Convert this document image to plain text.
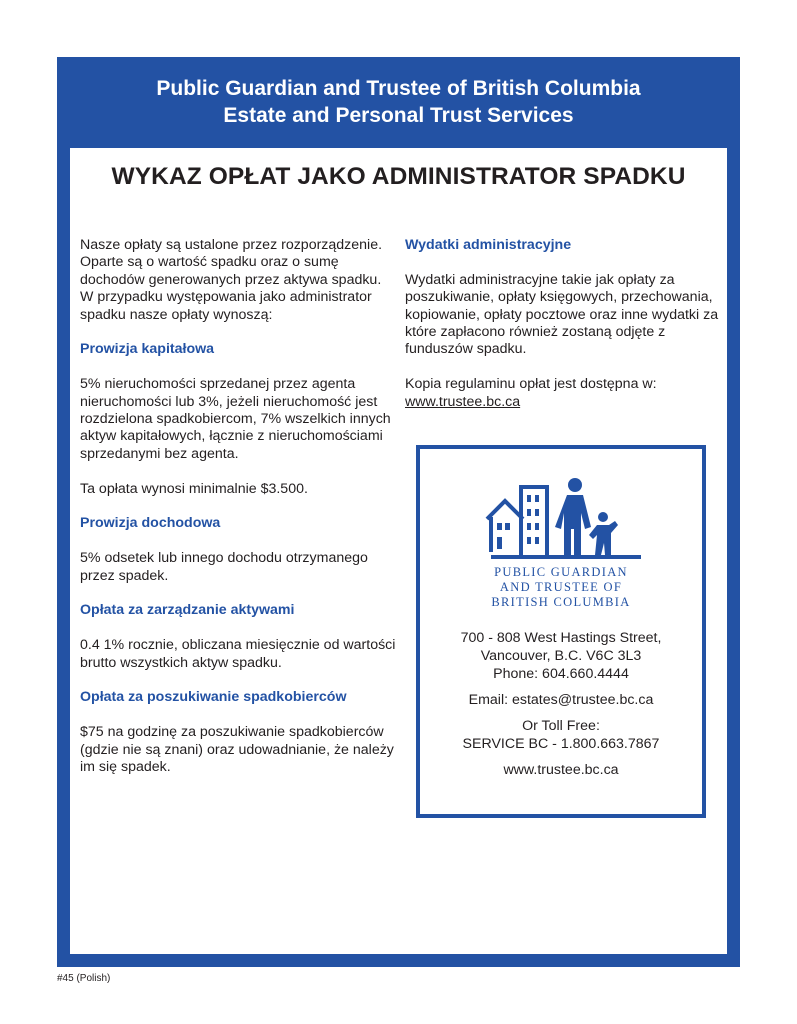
Public Guardian and Trustee of British Columbia
Estate and Personal Trust Services
WYKAZ OPŁAT JAKO ADMINISTRATOR SPADKU

Nasze opłaty są ustalone przez rozporządzenie. Oparte są o wartość spadku oraz o sumę dochodów generowanych przez aktywa spadku. W przypadku występowania jako administrator spadku nasze opłaty wynoszą:

Prowizja kapitałowa

5% nieruchomości sprzedanej przez agenta nieruchomości lub 3%, jeżeli nieruchomość jest rozdzielona spadkobiercom, 7% wszelkich innych aktyw kapitałowych, łącznie z nieruchomościami sprzedanymi bez agenta.

Ta opłata wynosi minimalnie $3.500.

Prowizja dochodowa

5% odsetek lub innego dochodu otrzymanego przez spadek.

Opłata za zarządzanie aktywami

0.4 1% rocznie, obliczana miesięcznie od wartości brutto wszystkich aktyw spadku.

Opłata za poszukiwanie spadkobierców

$75 na godzinę za poszukiwanie spadkobierców (gdzie nie są znani) oraz udowadnianie, że należy im się spadek.

Wydatki administracyjne

Wydatki administracyjne takie jak opłaty za poszukiwanie, opłaty księgowych, przechowania, kopiowanie, opłaty pocztowe oraz inne wydatki za które zapłacono również zostaną odjęte z funduszów spadku.

Kopia regulaminu opłat jest dostępna w:

www.trustee.bc.ca

PUBLIC GUARDIAN
AND TRUSTEE OF
BRITISH COLUMBIA

700 - 808 West Hastings Street,

Vancouver, B.C. V6C 3L3

Phone: 604.660.4444

Email: estates@trustee.bc.ca

Or Toll Free:

SERVICE BC - 1.800.663.7867

www.trustee.bc.ca

#45 (Polish)
